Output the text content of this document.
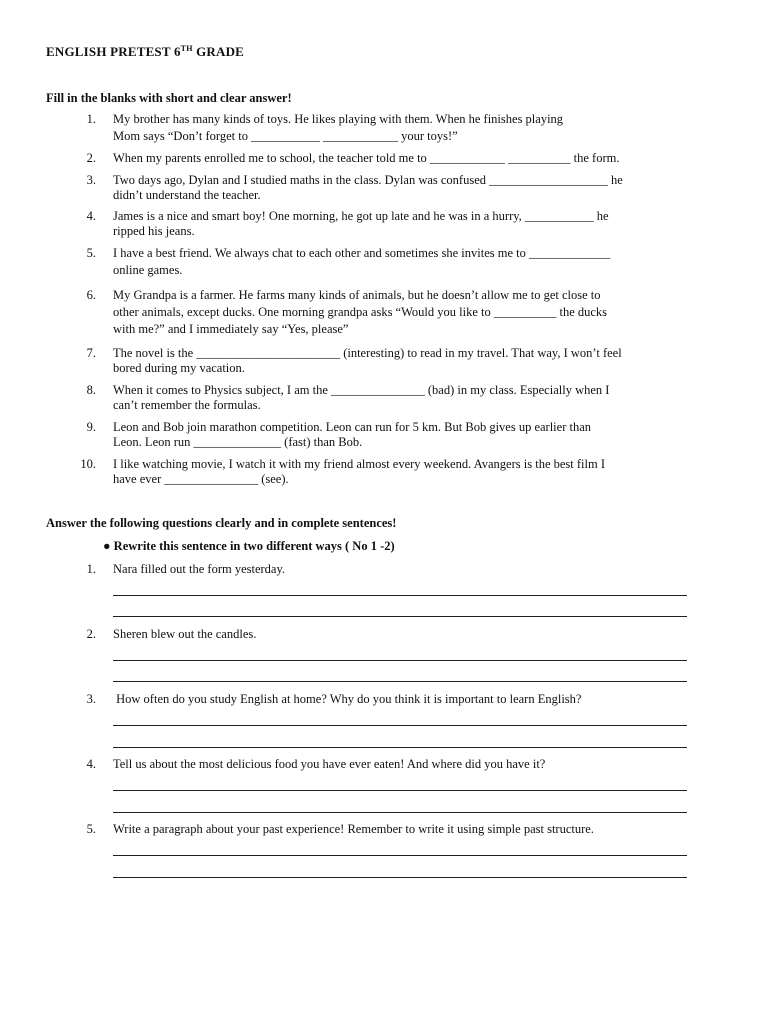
ENGLISH PRETEST 6TH GRADE
Fill in the blanks with short and clear answer!
1. My brother has many kinds of toys. He likes playing with them. When he finishes playing
Mom says “Don’t forget to ___________ ____________ your toys!”
2. When my parents enrolled me to school, the teacher told me to ____________ __________ the form.
3. Two days ago, Dylan and I studied maths in the class. Dylan was confused ___________________ he
didn’t understand the teacher.
4. James is a nice and smart boy! One morning, he got up late and he was in a hurry, ___________ he
ripped his jeans.
5. I have a best friend. We always chat to each other and sometimes she invites me to _____________
online games.
6. My Grandpa is a farmer. He farms many kinds of animals, but he doesn’t allow me to get close to
other animals, except ducks. One morning grandpa asks “Would you like to __________ the ducks
with me?” and I immediately say “Yes, please”
7. The novel is the _______________________ (interesting) to read in my travel. That way, I won’t feel
bored during my vacation.
8. When it comes to Physics subject, I am the _______________ (bad) in my class. Especially when I
can’t remember the formulas.
9. Leon and Bob join marathon competition. Leon can run for 5 km. But Bob gives up earlier than
Leon. Leon run ______________ (fast) than Bob.
10. I like watching movie, I watch it with my friend almost every weekend. Avangers is the best film I
have ever _______________ (see).
Answer the following questions clearly and in complete sentences!
● Rewrite this sentence in two different ways ( No 1 -2)
1. Nara filled out the form yesterday.
2. Sheren blew out the candles.
3. How often do you study English at home? Why do you think it is important to learn English?
4. Tell us about the most delicious food you have ever eaten! And where did you have it?
5. Write a paragraph about your past experience! Remember to write it using simple past structure.
